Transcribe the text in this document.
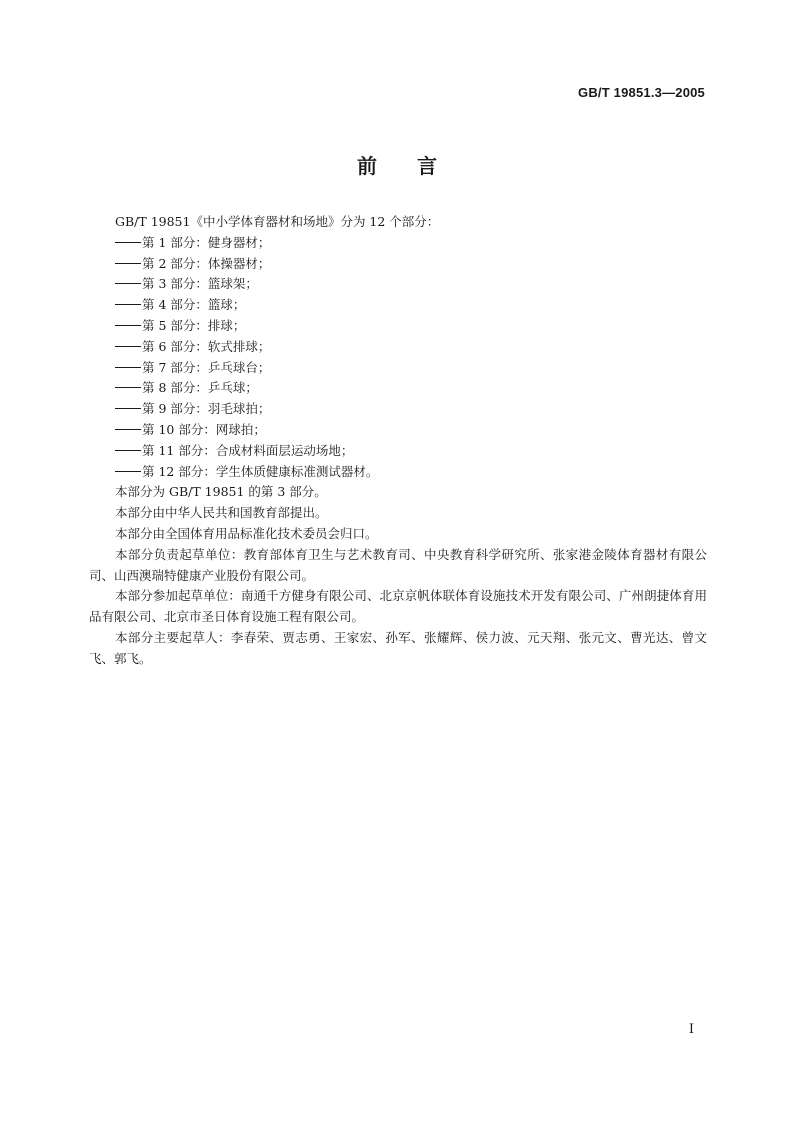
GB/T 19851.3—2005
前 言

GB/T 19851《中小学体育器材和场地》分为 12 个部分：

第 1 部分：健身器材；
第 2 部分：体操器材；
第 3 部分：篮球架；
第 4 部分：篮球；
第 5 部分：排球；
第 6 部分：软式排球；
第 7 部分：乒乓球台；
第 8 部分：乒乓球；
第 9 部分：羽毛球拍；
第 10 部分：网球拍；
第 11 部分：合成材料面层运动场地；
第 12 部分：学生体质健康标准测试器材。

本部分为 GB/T 19851 的第 3 部分。

本部分由中华人民共和国教育部提出。

本部分由全国体育用品标准化技术委员会归口。

本部分负责起草单位：教育部体育卫生与艺术教育司、中央教育科学研究所、张家港金陵体育器材有限公司、山西澳瑞特健康产业股份有限公司。

本部分参加起草单位：南通千方健身有限公司、北京京帆体联体育设施技术开发有限公司、广州朗捷体育用品有限公司、北京市圣日体育设施工程有限公司。

本部分主要起草人：李春荣、贾志勇、王家宏、孙军、张耀辉、侯力波、元天翔、张元文、曹光达、曾文飞、郭飞。

I
